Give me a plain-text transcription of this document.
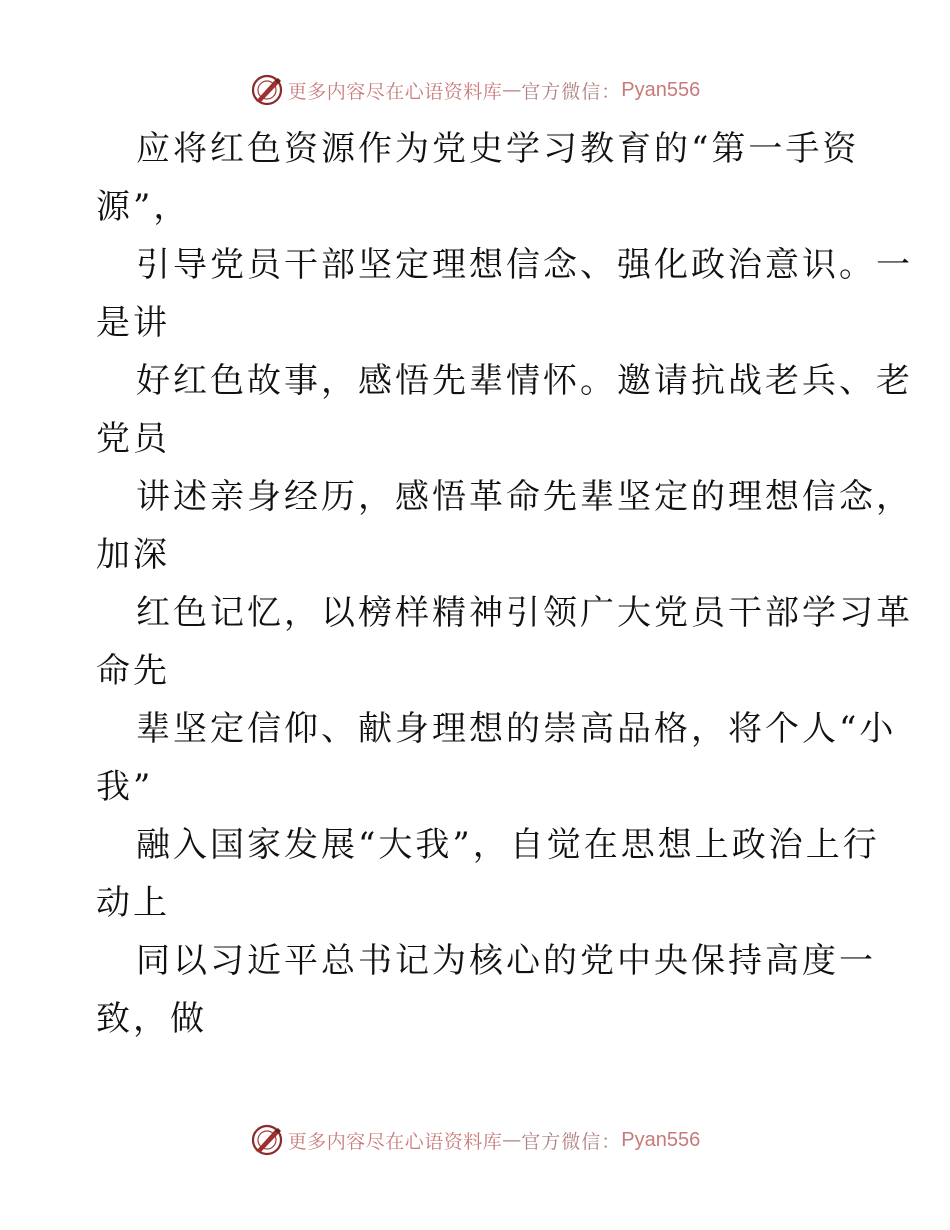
更多内容尽在心语资料库 — 官方微信： Pyan556

应将红色资源作为党史学习教育的“第一手资

源”，

引导党员干部坚定理想信念、强化政治意识。一

是讲

好红色故事，感悟先辈情怀。邀请抗战老兵、老

党员

讲述亲身经历，感悟革命先辈坚定的理想信念，

加深

红色记忆，以榜样精神引领广大党员干部学习革

命先

辈坚定信仰、献身理想的崇高品格，将个人“小

我”

融入国家发展“大我”，自觉在思想上政治上行

动上

同以习近平总书记为核心的党中央保持高度一

致，做

更多内容尽在心语资料库 — 官方微信： Pyan556
